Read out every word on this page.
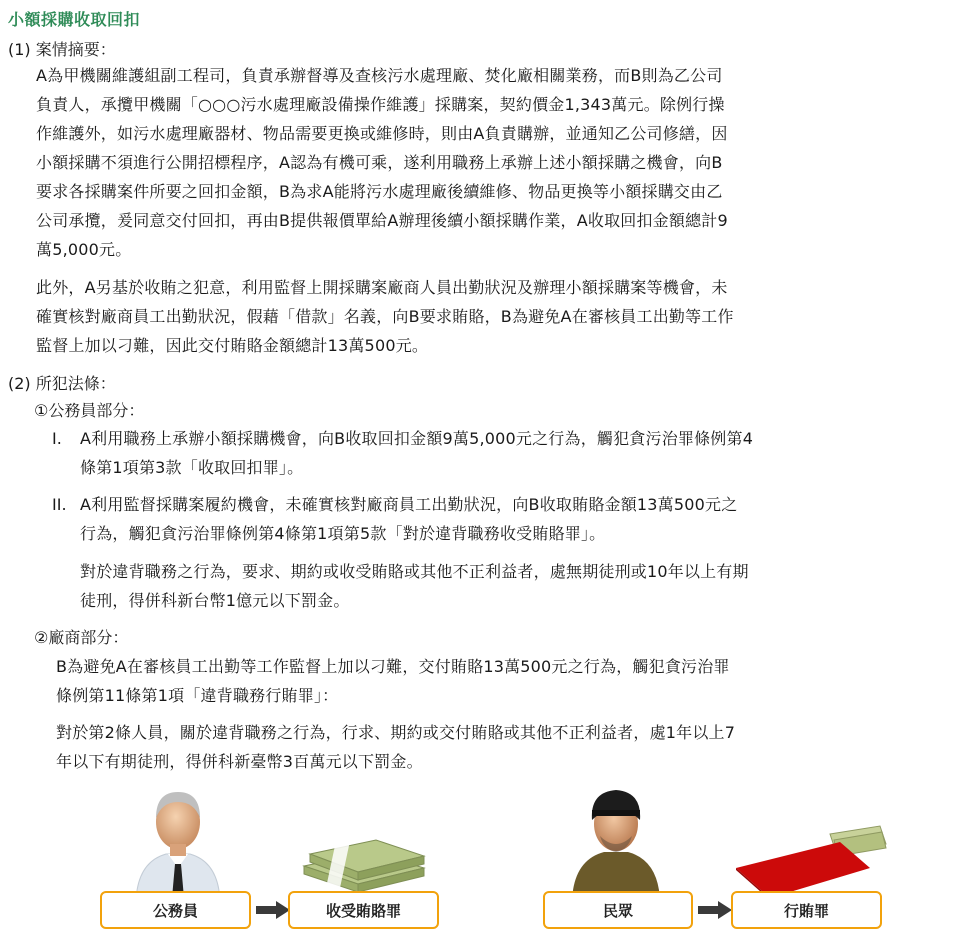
小額採購收取回扣
(1) 案情摘要：
A為甲機關維護組副工程司，負責承辦督導及查核污水處理廠、焚化廠相關業務，而B則為乙公司
負責人，承攬甲機關「○○○污水處理廠設備操作維護」採購案，契約價金1,343萬元。除例行操
作維護外，如污水處理廠器材、物品需要更換或維修時，則由A負責購辦，並通知乙公司修繕，因
小額採購不須進行公開招標程序，A認為有機可乘，遂利用職務上承辦上述小額採購之機會，向B
要求各採購案件所要之回扣金額，B為求A能將污水處理廠後續維修、物品更換等小額採購交由乙
公司承攬，爰同意交付回扣，再由B提供報價單給A辦理後續小額採購作業，A收取回扣金額總計9
萬5,000元。
此外，A另基於收賄之犯意，利用監督上開採購案廠商人員出勤狀況及辦理小額採購案等機會，未
確實核對廠商員工出勤狀況，假藉「借款」名義，向B要求賄賂，B為避免A在審核員工出勤等工作
監督上加以刁難，因此交付賄賂金額總計13萬500元。
(2) 所犯法條：
①公務員部分：
I. A利用職務上承辦小額採購機會，向B收取回扣金額9萬5,000元之行為，觸犯貪污治罪條例第4
條第1項第3款「收取回扣罪」。
II. A利用監督採購案履約機會，未確實核對廠商員工出勤狀況，向B收取賄賂金額13萬500元之
行為，觸犯貪污治罪條例第4條第1項第5款「對於違背職務收受賄賂罪」。
對於違背職務之行為，要求、期約或收受賄賂或其他不正利益者，處無期徒刑或10年以上有期
徒刑，得併科新台幣1億元以下罰金。
②廠商部分：
B為避免A在審核員工出勤等工作監督上加以刁難，交付賄賂13萬500元之行為，觸犯貪污治罪
條例第11條第1項「違背職務行賄罪」：
對於第2條人員，關於違背職務之行為，行求、期約或交付賄賂或其他不正利益者，處1年以上7
年以下有期徒刑，得併科新臺幣3百萬元以下罰金。
公務員	收受賄賂罪	民眾	行賄罪
